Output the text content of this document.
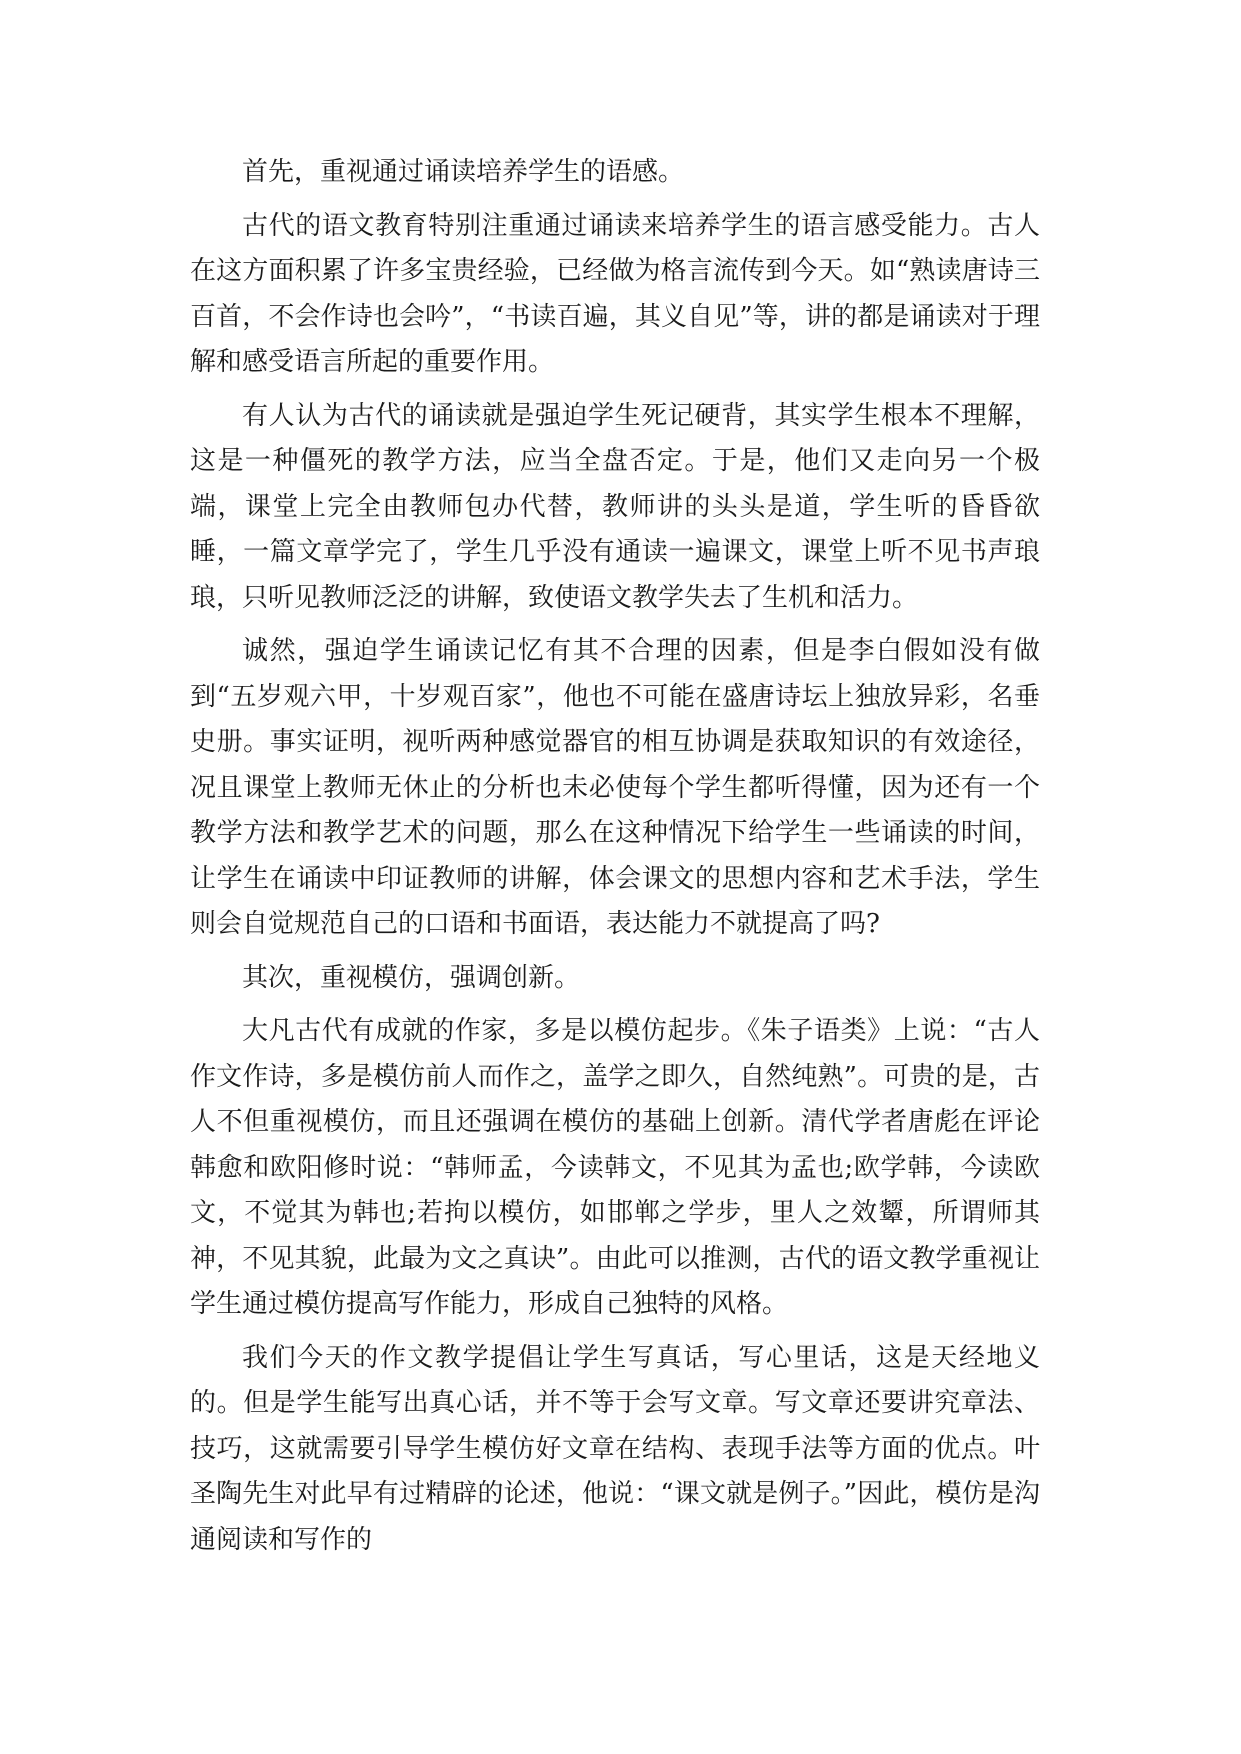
首先，重视通过诵读培养学生的语感。

古代的语文教育特别注重通过诵读来培养学生的语言感受能力。古人在这方面积累了许多宝贵经验，已经做为格言流传到今天。如“熟读唐诗三百首，不会作诗也会吟”，“书读百遍，其义自见”等，讲的都是诵读对于理解和感受语言所起的重要作用。

有人认为古代的诵读就是强迫学生死记硬背，其实学生根本不理解，这是一种僵死的教学方法，应当全盘否定。于是，他们又走向另一个极端，课堂上完全由教师包办代替，教师讲的头头是道，学生听的昏昏欲睡，一篇文章学完了，学生几乎没有通读一遍课文，课堂上听不见书声琅琅，只听见教师泛泛的讲解，致使语文教学失去了生机和活力。

诚然，强迫学生诵读记忆有其不合理的因素，但是李白假如没有做到“五岁观六甲，十岁观百家”，他也不可能在盛唐诗坛上独放异彩，名垂史册。事实证明，视听两种感觉器官的相互协调是获取知识的有效途径，况且课堂上教师无休止的分析也未必使每个学生都听得懂，因为还有一个教学方法和教学艺术的问题，那么在这种情况下给学生一些诵读的时间，让学生在诵读中印证教师的讲解，体会课文的思想内容和艺术手法，学生则会自觉规范自己的口语和书面语，表达能力不就提高了吗?

其次，重视模仿，强调创新。

大凡古代有成就的作家，多是以模仿起步。《朱子语类》上说：“古人作文作诗，多是模仿前人而作之，盖学之即久，自然纯熟”。可贵的是，古人不但重视模仿，而且还强调在模仿的基础上创新。清代学者唐彪在评论韩愈和欧阳修时说：“韩师孟，今读韩文，不见其为孟也;欧学韩，今读欧文，不觉其为韩也;若拘以模仿，如邯郸之学步，里人之效颦，所谓师其神，不见其貌，此最为文之真诀”。由此可以推测，古代的语文教学重视让学生通过模仿提高写作能力，形成自己独特的风格。

我们今天的作文教学提倡让学生写真话，写心里话，这是天经地义的。但是学生能写出真心话，并不等于会写文章。写文章还要讲究章法、技巧，这就需要引导学生模仿好文章在结构、表现手法等方面的优点。叶圣陶先生对此早有过精辟的论述，他说：“课文就是例子。”因此，模仿是沟通阅读和写作的
